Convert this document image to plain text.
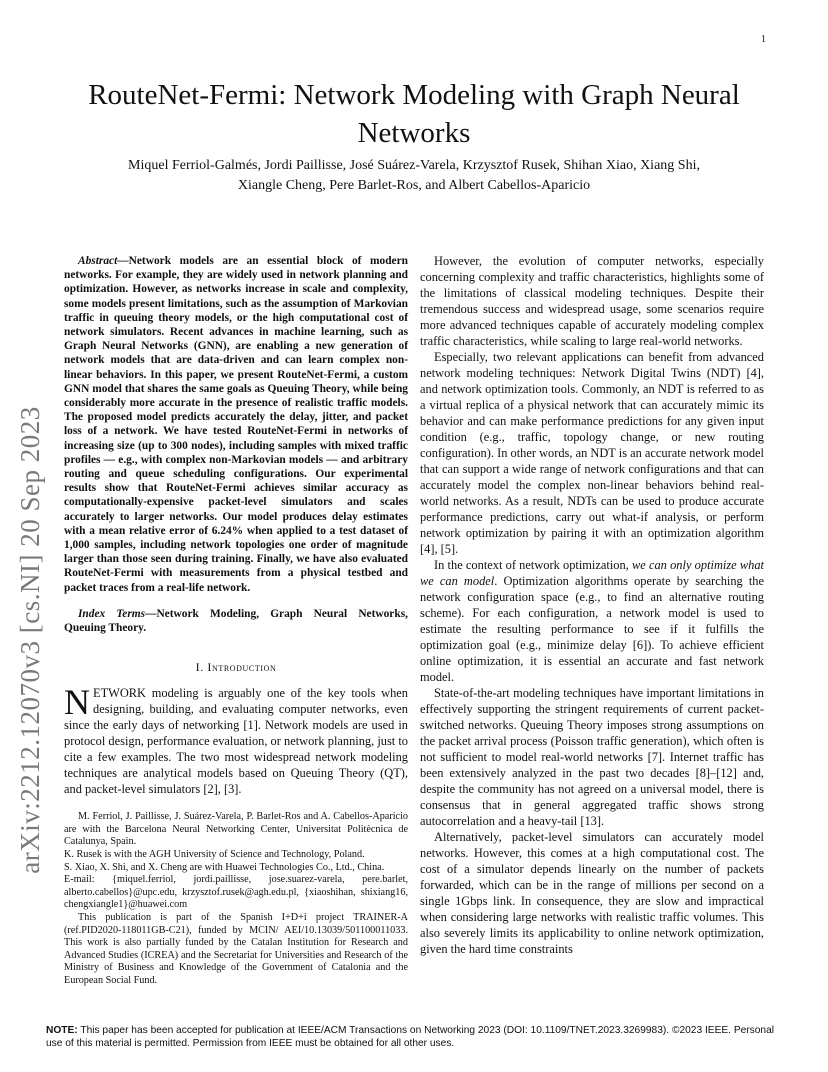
1
arXiv:2212.12070v3 [cs.NI] 20 Sep 2023
RouteNet-Fermi: Network Modeling with Graph Neural Networks
Miquel Ferriol-Galmés, Jordi Paillisse, José Suárez-Varela, Krzysztof Rusek, Shihan Xiao, Xiang Shi,
Xiangle Cheng, Pere Barlet-Ros, and Albert Cabellos-Aparicio

Abstract—Network models are an essential block of modern networks. For example, they are widely used in network planning and optimization. However, as networks increase in scale and complexity, some models present limitations, such as the assumption of Markovian traffic in queuing theory models, or the high computational cost of network simulators. Recent advances in machine learning, such as Graph Neural Networks (GNN), are enabling a new generation of network models that are data-driven and can learn complex non-linear behaviors. In this paper, we present RouteNet-Fermi, a custom GNN model that shares the same goals as Queuing Theory, while being considerably more accurate in the presence of realistic traffic models. The proposed model predicts accurately the delay, jitter, and packet loss of a network. We have tested RouteNet-Fermi in networks of increasing size (up to 300 nodes), including samples with mixed traffic profiles — e.g., with complex non-Markovian models — and arbitrary routing and queue scheduling configurations. Our experimental results show that RouteNet-Fermi achieves similar accuracy as computationally-expensive packet-level simulators and scales accurately to larger networks. Our model produces delay estimates with a mean relative error of 6.24% when applied to a test dataset of 1,000 samples, including network topologies one order of magnitude larger than those seen during training. Finally, we have also evaluated RouteNet-Fermi with measurements from a physical testbed and packet traces from a real-life network.

Index Terms—Network Modeling, Graph Neural Networks, Queuing Theory.

I. Introduction

NETWORK modeling is arguably one of the key tools when designing, building, and evaluating computer networks, even since the early days of networking [1]. Network models are used in protocol design, performance evaluation, or network planning, just to cite a few examples. The two most widespread network modeling techniques are analytical models based on Queuing Theory (QT), and packet-level simulators [2], [3].

M. Ferriol, J. Paillisse, J. Suárez-Varela, P. Barlet-Ros and A. Cabellos-Aparicio are with the Barcelona Neural Networking Center, Universitat Politècnica de Catalunya, Spain.

K. Rusek is with the AGH University of Science and Technology, Poland.

S. Xiao, X. Shi, and X. Cheng are with Huawei Technologies Co., Ltd., China.

E-mail: {miquel.ferriol, jordi.paillisse, jose.suarez-varela, pere.barlet, alberto.cabellos}@upc.edu, krzysztof.rusek@agh.edu.pl, {xiaoshihan, shixiang16, chengxiangle1}@huawei.com

This publication is part of the Spanish I+D+i project TRAINER-A (ref.PID2020-118011GB-C21), funded by MCIN/ AEI/10.13039/501100011033. This work is also partially funded by the Catalan Institution for Research and Advanced Studies (ICREA) and the Secretariat for Universities and Research of the Ministry of Business and Knowledge of the Government of Catalonia and the European Social Fund.

However, the evolution of computer networks, especially concerning complexity and traffic characteristics, highlights some of the limitations of classical modeling techniques. Despite their tremendous success and widespread usage, some scenarios require more advanced techniques capable of accurately modeling complex traffic characteristics, while scaling to large real-world networks.

Especially, two relevant applications can benefit from advanced network modeling techniques: Network Digital Twins (NDT) [4], and network optimization tools. Commonly, an NDT is referred to as a virtual replica of a physical network that can accurately mimic its behavior and can make performance predictions for any given input condition (e.g., traffic, topology change, or new routing configuration). In other words, an NDT is an accurate network model that can support a wide range of network configurations and that can accurately model the complex non-linear behaviors behind real-world networks. As a result, NDTs can be used to produce accurate performance predictions, carry out what-if analysis, or perform network optimization by pairing it with an optimization algorithm [4], [5].

In the context of network optimization, we can only optimize what we can model. Optimization algorithms operate by searching the network configuration space (e.g., to find an alternative routing scheme). For each configuration, a network model is used to estimate the resulting performance to see if it fulfills the optimization goal (e.g., minimize delay [6]). To achieve efficient online optimization, it is essential an accurate and fast network model.

State-of-the-art modeling techniques have important limitations in effectively supporting the stringent requirements of current packet-switched networks. Queuing Theory imposes strong assumptions on the packet arrival process (Poisson traffic generation), which often is not sufficient to model real-world networks [7]. Internet traffic has been extensively analyzed in the past two decades [8]–[12] and, despite the community has not agreed on a universal model, there is consensus that in general aggregated traffic shows strong autocorrelation and a heavy-tail [13].

Alternatively, packet-level simulators can accurately model networks. However, this comes at a high computational cost. The cost of a simulator depends linearly on the number of packets forwarded, which can be in the range of millions per second on a single 1Gbps link. In consequence, they are slow and impractical when considering large networks with realistic traffic volumes. This also severely limits its applicability to online network optimization, given the hard time constraints

NOTE: This paper has been accepted for publication at IEEE/ACM Transactions on Networking 2023 (DOI: 10.1109/TNET.2023.3269983). ©2023 IEEE. Personal use of this material is permitted. Permission from IEEE must be obtained for all other uses.
